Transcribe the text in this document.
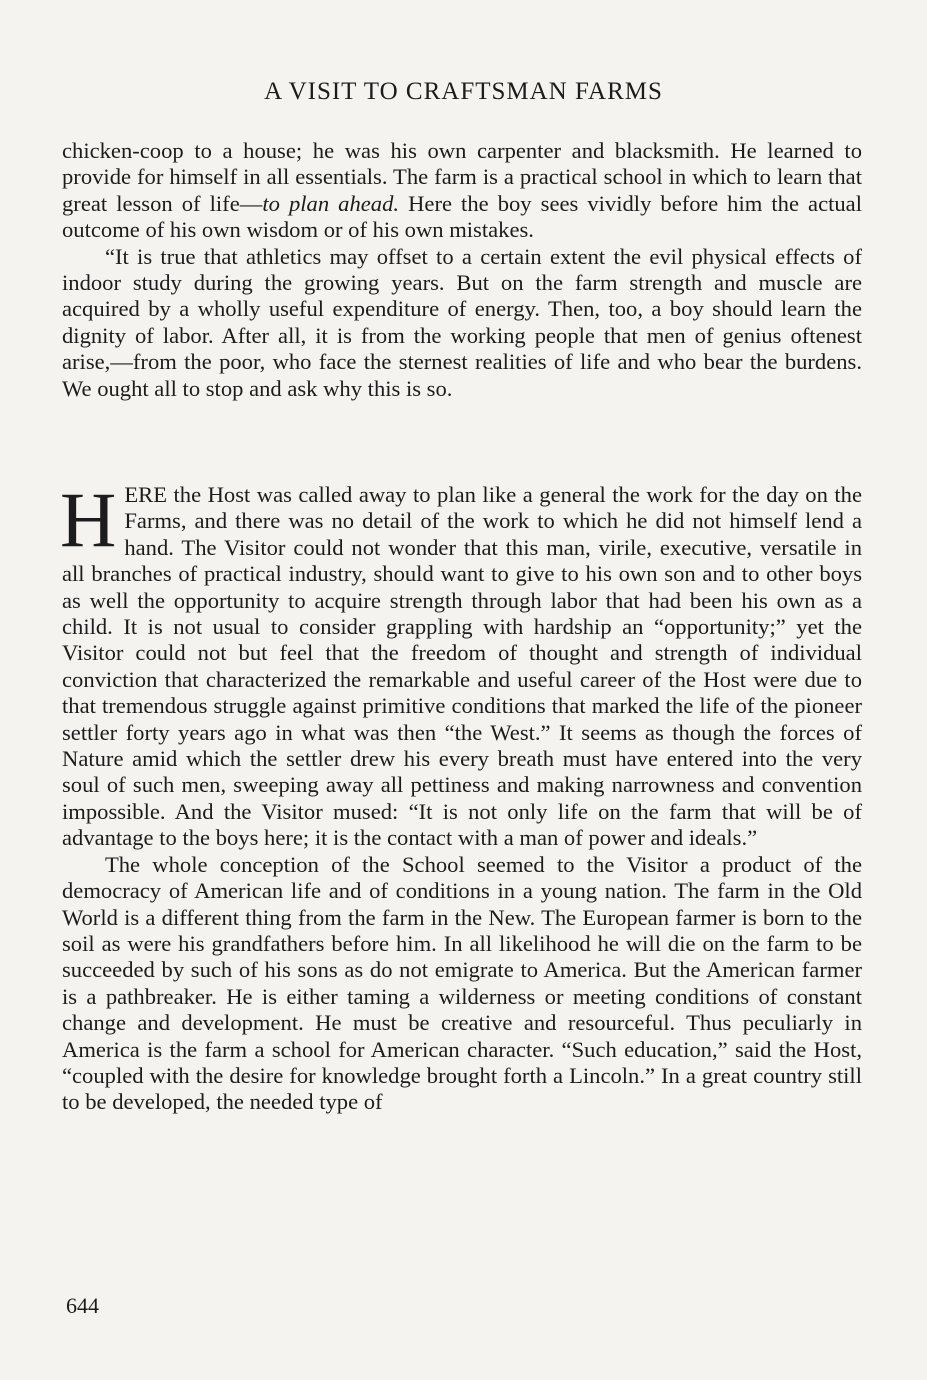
A VISIT TO CRAFTSMAN FARMS

chicken-coop to a house; he was his own carpenter and blacksmith. He learned to provide for himself in all essentials. The farm is a practical school in which to learn that great lesson of life—to plan ahead. Here the boy sees vividly before him the actual outcome of his own wisdom or of his own mistakes.

“It is true that athletics may offset to a certain extent the evil physical effects of indoor study during the growing years. But on the farm strength and muscle are acquired by a wholly useful expenditure of energy. Then, too, a boy should learn the dignity of labor. After all, it is from the working people that men of genius oftenest arise,—from the poor, who face the sternest realities of life and who bear the burdens. We ought all to stop and ask why this is so.

HERE the Host was called away to plan like a general the work for the day on the Farms, and there was no detail of the work to which he did not himself lend a hand. The Visitor could not wonder that this man, virile, executive, versatile in all branches of practical industry, should want to give to his own son and to other boys as well the opportunity to acquire strength through labor that had been his own as a child. It is not usual to consider grappling with hardship an “opportunity;” yet the Visitor could not but feel that the freedom of thought and strength of individual conviction that characterized the remarkable and useful career of the Host were due to that tremendous struggle against primitive conditions that marked the life of the pioneer settler forty years ago in what was then “the West.” It seems as though the forces of Nature amid which the settler drew his every breath must have entered into the very soul of such men, sweeping away all pettiness and making narrowness and convention impossible. And the Visitor mused: “It is not only life on the farm that will be of advantage to the boys here; it is the contact with a man of power and ideals.”

The whole conception of the School seemed to the Visitor a product of the democracy of American life and of conditions in a young nation. The farm in the Old World is a different thing from the farm in the New. The European farmer is born to the soil as were his grandfathers before him. In all likelihood he will die on the farm to be succeeded by such of his sons as do not emigrate to America. But the American farmer is a pathbreaker. He is either taming a wilderness or meeting conditions of constant change and development. He must be creative and resourceful. Thus peculiarly in America is the farm a school for American character. “Such education,” said the Host, “coupled with the desire for knowledge brought forth a Lincoln.” In a great country still to be developed, the needed type of

644
